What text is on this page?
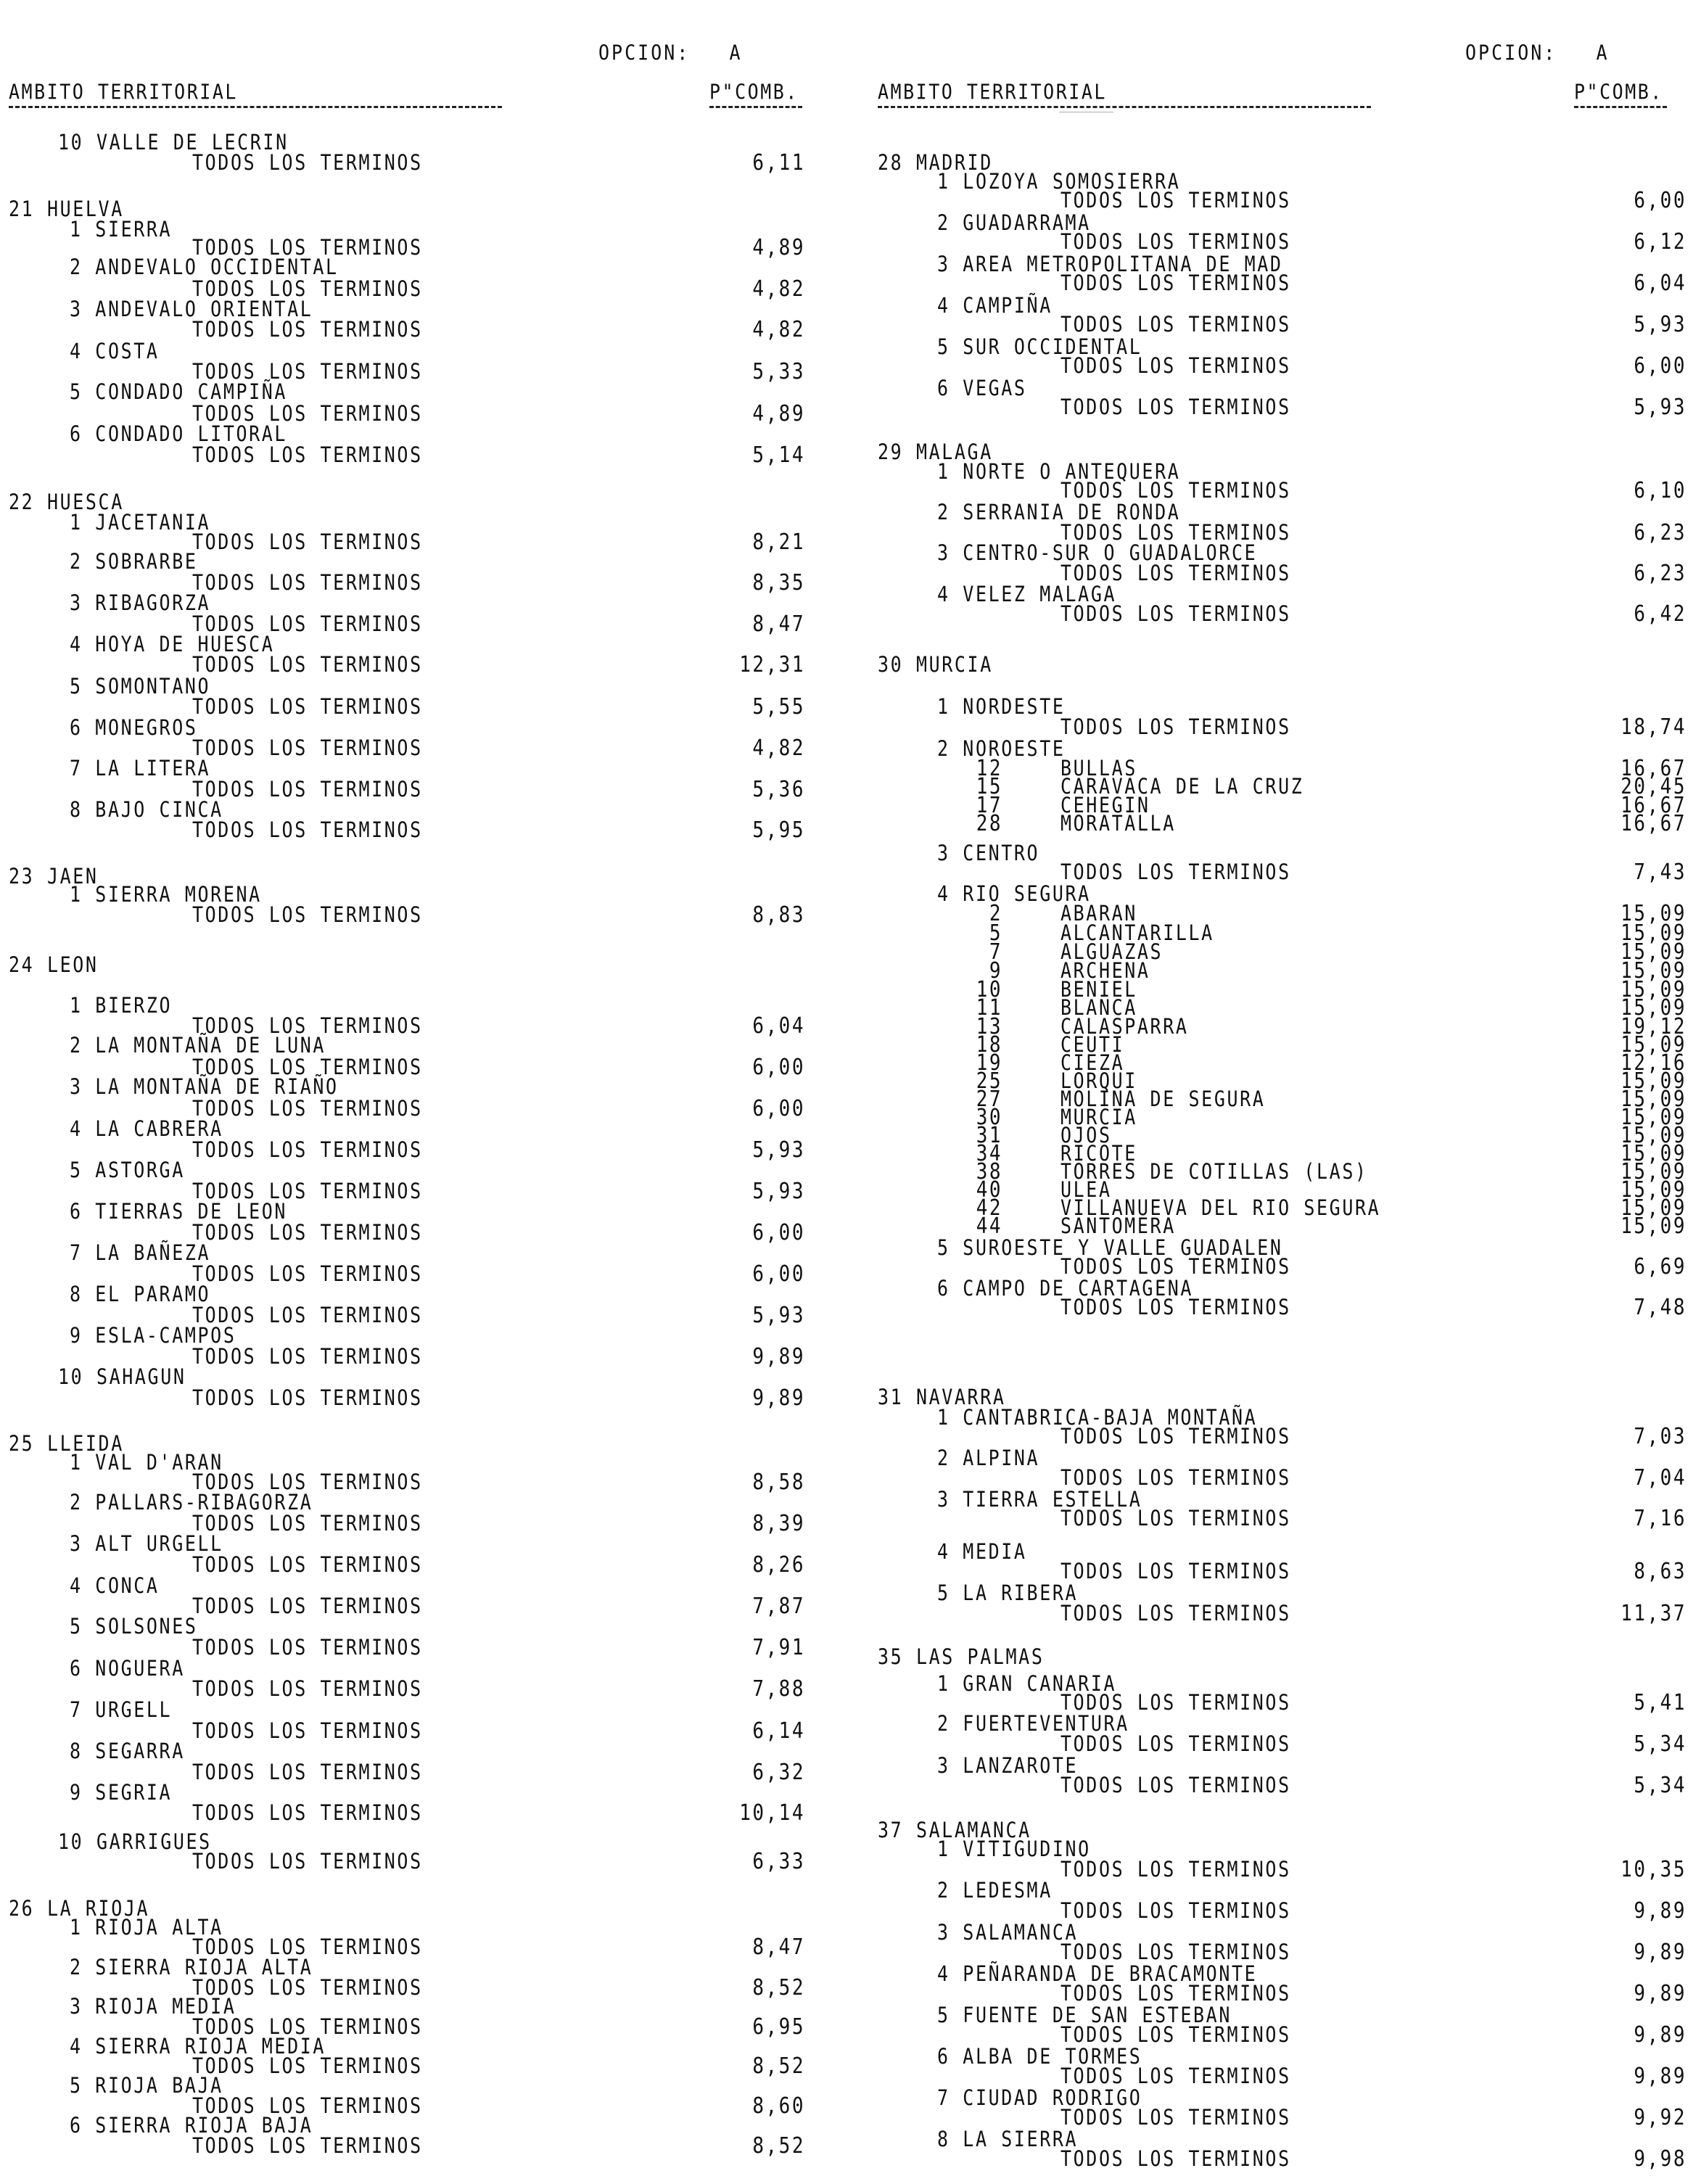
OPCION: A
AMBITO TERRITORIAL	P"COMB.
10 VALLE DE LECRIN
TODOS LOS TERMINOS	6,11
21 HUELVA
1 SIERRA
TODOS LOS TERMINOS	4,89
2 ANDEVALO OCCIDENTAL
TODOS LOS TERMINOS	4,82
3 ANDEVALO ORIENTAL
TODOS LOS TERMINOS	4,82
4 COSTA
TODOS LOS TERMINOS	5,33
5 CONDADO CAMPIÑA
TODOS LOS TERMINOS	4,89
6 CONDADO LITORAL
TODOS LOS TERMINOS	5,14
22 HUESCA
1 JACETANIA
TODOS LOS TERMINOS	8,21
2 SOBRARBE
TODOS LOS TERMINOS	8,35
3 RIBAGORZA
TODOS LOS TERMINOS	8,47
4 HOYA DE HUESCA
TODOS LOS TERMINOS	12,31
5 SOMONTANO
TODOS LOS TERMINOS	5,55
6 MONEGROS
TODOS LOS TERMINOS	4,82
7 LA LITERA
TODOS LOS TERMINOS	5,36
8 BAJO CINCA
TODOS LOS TERMINOS	5,95
23 JAEN
1 SIERRA MORENA
TODOS LOS TERMINOS	8,83
24 LEON
1 BIERZO
TODOS LOS TERMINOS	6,04
2 LA MONTAÑA DE LUNA
TODOS LOS TERMINOS	6,00
3 LA MONTAÑA DE RIAÑO
TODOS LOS TERMINOS	6,00
4 LA CABRERA
TODOS LOS TERMINOS	5,93
5 ASTORGA
TODOS LOS TERMINOS	5,93
6 TIERRAS DE LEON
TODOS LOS TERMINOS	6,00
7 LA BAÑEZA
TODOS LOS TERMINOS	6,00
8 EL PARAMO
TODOS LOS TERMINOS	5,93
9 ESLA-CAMPOS
TODOS LOS TERMINOS	9,89
10 SAHAGUN
TODOS LOS TERMINOS	9,89
25 LLEIDA
1 VAL D'ARAN
TODOS LOS TERMINOS	8,58
2 PALLARS-RIBAGORZA
TODOS LOS TERMINOS	8,39
3 ALT URGELL
TODOS LOS TERMINOS	8,26
4 CONCA
TODOS LOS TERMINOS	7,87
5 SOLSONES
TODOS LOS TERMINOS	7,91
6 NOGUERA
TODOS LOS TERMINOS	7,88
7 URGELL
TODOS LOS TERMINOS	6,14
8 SEGARRA
TODOS LOS TERMINOS	6,32
9 SEGRIA
TODOS LOS TERMINOS	10,14
10 GARRIGUES
TODOS LOS TERMINOS	6,33
26 LA RIOJA
1 RIOJA ALTA
TODOS LOS TERMINOS	8,47
2 SIERRA RIOJA ALTA
TODOS LOS TERMINOS	8,52
3 RIOJA MEDIA
TODOS LOS TERMINOS	6,95
4 SIERRA RIOJA MEDIA
TODOS LOS TERMINOS	8,52
5 RIOJA BAJA
TODOS LOS TERMINOS	8,60
6 SIERRA RIOJA BAJA
TODOS LOS TERMINOS	8,52
OPCION: A
AMBITO TERRITORIAL	P"COMB.
28 MADRID
1 LOZOYA SOMOSIERRA
TODOS LOS TERMINOS	6,00
2 GUADARRAMA
TODOS LOS TERMINOS	6,12
3 AREA METROPOLITANA DE MAD
TODOS LOS TERMINOS	6,04
4 CAMPIÑA
TODOS LOS TERMINOS	5,93
5 SUR OCCIDENTAL
TODOS LOS TERMINOS	6,00
6 VEGAS
TODOS LOS TERMINOS	5,93
29 MALAGA
1 NORTE O ANTEQUERA
TODOS LOS TERMINOS	6,10
2 SERRANIA DE RONDA
TODOS LOS TERMINOS	6,23
3 CENTRO-SUR O GUADALORCE
TODOS LOS TERMINOS	6,23
4 VELEZ MALAGA
TODOS LOS TERMINOS	6,42
30 MURCIA
1 NORDESTE
TODOS LOS TERMINOS	18,74
2 NOROESTE
12	BULLAS	16,67
15	CARAVACA DE LA CRUZ	20,45
17	CEHEGIN	16,67
28	MORATALLA	16,67
3 CENTRO
TODOS LOS TERMINOS	7,43
4 RIO SEGURA
2	ABARAN	15,09
5	ALCANTARILLA	15,09
7	ALGUAZAS	15,09
9	ARCHENA	15,09
10	BENIEL	15,09
11	BLANCA	15,09
13	CALASPARRA	19,12
18	CEUTI	15,09
19	CIEZA	12,16
25	LORQUI	15,09
27	MOLINA DE SEGURA	15,09
30	MURCIA	15,09
31	OJOS	15,09
34	RICOTE	15,09
38	TORRES DE COTILLAS (LAS)	15,09
40	ULEA	15,09
42	VILLANUEVA DEL RIO SEGURA	15,09
44	SANTOMERA	15,09
5 SUROESTE Y VALLE GUADALEN
TODOS LOS TERMINOS	6,69
6 CAMPO DE CARTAGENA
TODOS LOS TERMINOS	7,48
31 NAVARRA
1 CANTABRICA-BAJA MONTAÑA
TODOS LOS TERMINOS	7,03
2 ALPINA
TODOS LOS TERMINOS	7,04
3 TIERRA ESTELLA
TODOS LOS TERMINOS	7,16
4 MEDIA
TODOS LOS TERMINOS	8,63
5 LA RIBERA
TODOS LOS TERMINOS	11,37
35 LAS PALMAS
1 GRAN CANARIA
TODOS LOS TERMINOS	5,41
2 FUERTEVENTURA
TODOS LOS TERMINOS	5,34
3 LANZAROTE
TODOS LOS TERMINOS	5,34
37 SALAMANCA
1 VITIGUDINO
TODOS LOS TERMINOS	10,35
2 LEDESMA
TODOS LOS TERMINOS	9,89
3 SALAMANCA
TODOS LOS TERMINOS	9,89
4 PEÑARANDA DE BRACAMONTE
TODOS LOS TERMINOS	9,89
5 FUENTE DE SAN ESTEBAN
TODOS LOS TERMINOS	9,89
6 ALBA DE TORMES
TODOS LOS TERMINOS	9,89
7 CIUDAD RODRIGO
TODOS LOS TERMINOS	9,92
8 LA SIERRA
TODOS LOS TERMINOS	9,98
